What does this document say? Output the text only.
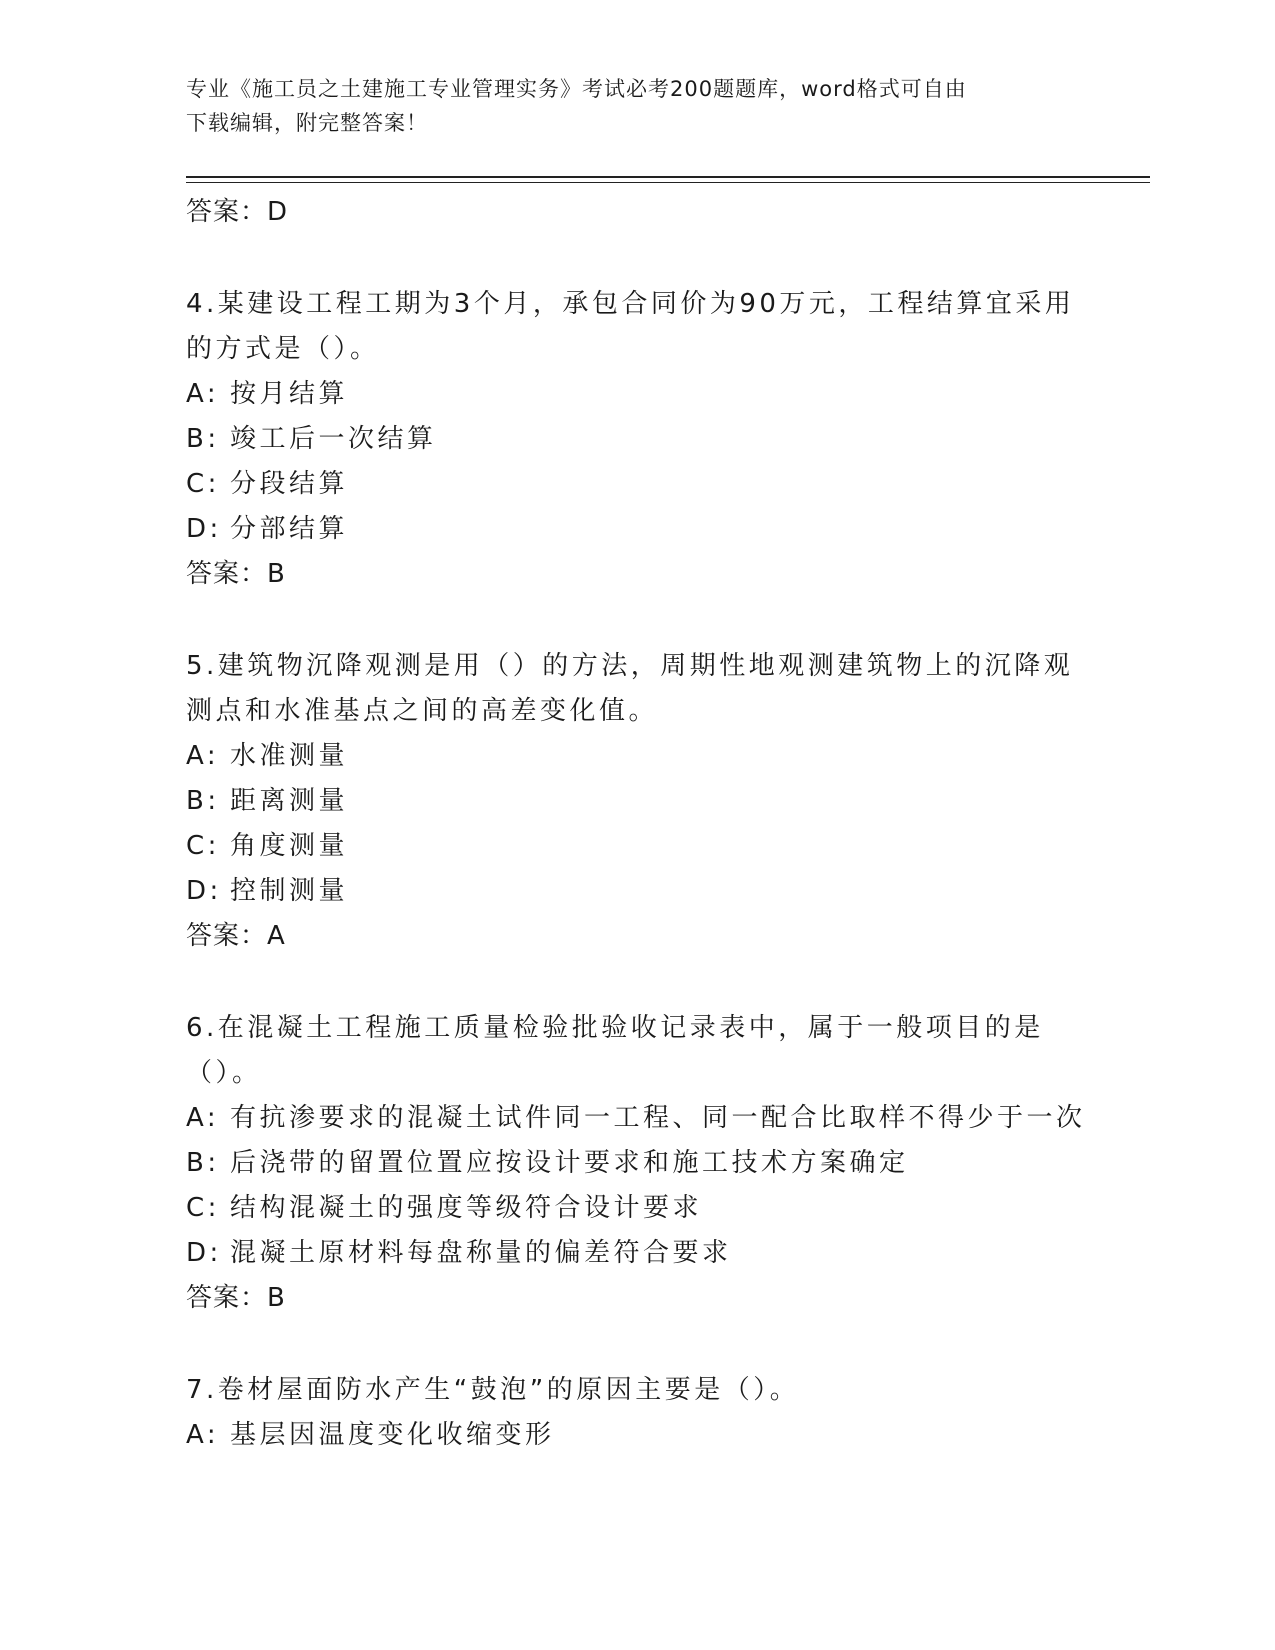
专业《施工员之土建施工专业管理实务》考试必考200题题库，word格式可自由
下载编辑，附完整答案！
答案：D
4.某建设工程工期为3个月，承包合同价为90万元，工程结算宜采用的方式是（）。
A: 按月结算
B: 竣工后一次结算
C: 分段结算
D: 分部结算
答案：B
5.建筑物沉降观测是用（）的方法，周期性地观测建筑物上的沉降观测点和水准基点之间的高差变化值。
A: 水准测量
B: 距离测量
C: 角度测量
D: 控制测量
答案：A
6.在混凝土工程施工质量检验批验收记录表中，属于一般项目的是（）。
A: 有抗渗要求的混凝土试件同一工程、同一配合比取样不得少于一次
B: 后浇带的留置位置应按设计要求和施工技术方案确定
C: 结构混凝土的强度等级符合设计要求
D: 混凝土原材料每盘称量的偏差符合要求
答案：B
7.卷材屋面防水产生“鼓泡”的原因主要是（）。
A: 基层因温度变化收缩变形
